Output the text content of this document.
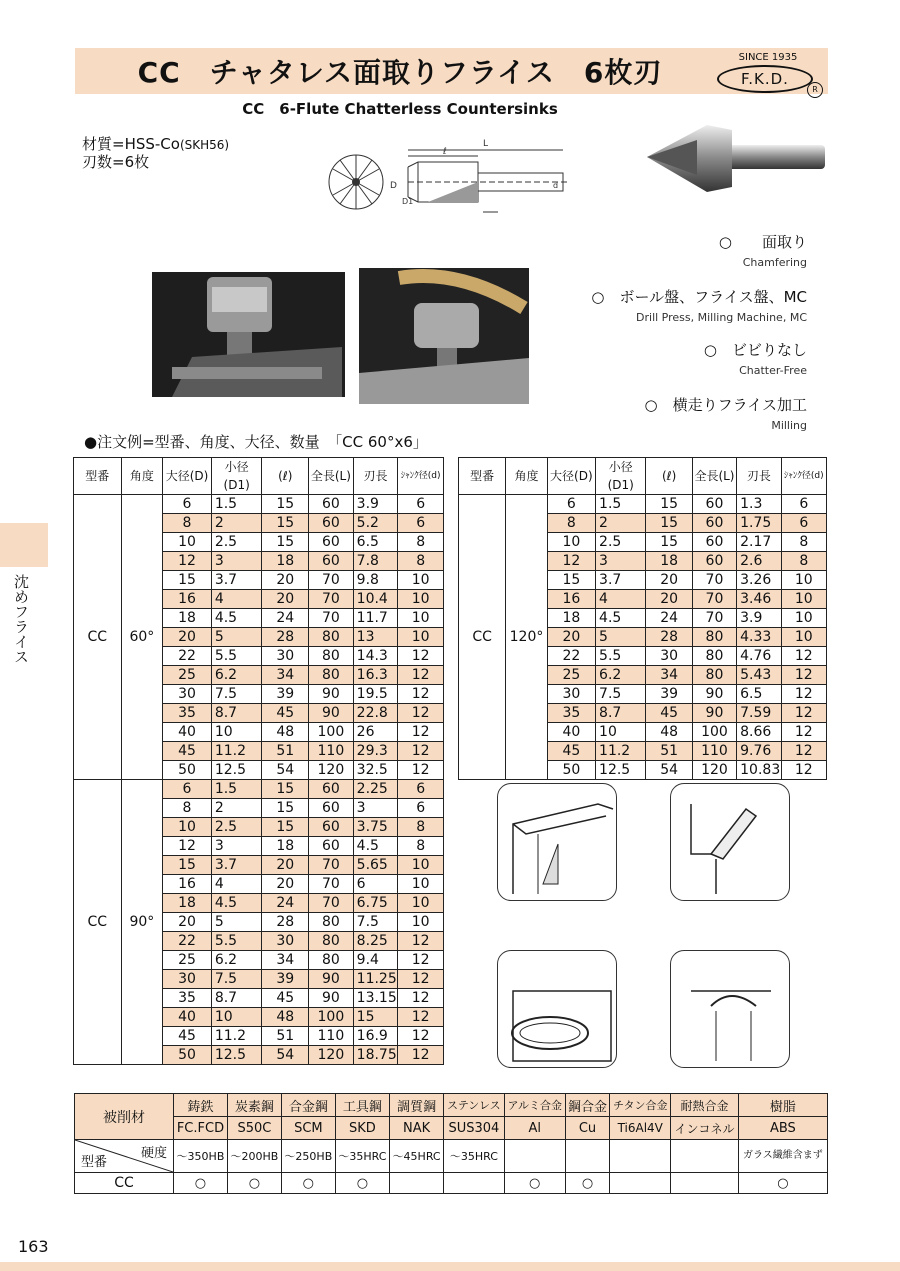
CC　チャタレス面取りフライス　6枚刃	SINCE 1935
F.K.D.
R
CC　6-Flute Chatterless Countersinks
材質=HSS-Co(SKH56)
刃数=6枚
L
ℓ
D	d
D1
○　　 面取り
Chamfering
○　 ボール盤、フライス盤、MC
Drill Press, Milling Machine, MC
○　 ビビりなし
Chatter-Free
○　 横走りフライス加工
Milling
●注文例=型番、角度、大径、数量　「CC 60°x6」
型番	角度	大径(D)	小径(D1)	(ℓ)	全長(L)	刃長	ｼｬﾝｸ径(d)
CC	60°	6	1.5	15	60	3.9	6
		8	2	15	60	5.2	6
		10	2.5	15	60	6.5	8
		12	3	18	60	7.8	8
		15	3.7	20	70	9.8	10
		16	4	20	70	10.4	10
		18	4.5	24	70	11.7	10
		20	5	28	80	13	10
		22	5.5	30	80	14.3	12
		25	6.2	34	80	16.3	12
		30	7.5	39	90	19.5	12
		35	8.7	45	90	22.8	12
		40	10	48	100	26	12
		45	11.2	51	110	29.3	12
		50	12.5	54	120	32.5	12
CC	90°	6	1.5	15	60	2.25	6
		8	2	15	60	3	6
		10	2.5	15	60	3.75	8
		12	3	18	60	4.5	8
		15	3.7	20	70	5.65	10
		16	4	20	70	6	10
		18	4.5	24	70	6.75	10
		20	5	28	80	7.5	10
		22	5.5	30	80	8.25	12
		25	6.2	34	80	9.4	12
		30	7.5	39	90	11.25	12
		35	8.7	45	90	13.15	12
		40	10	48	100	15	12
		45	11.2	51	110	16.9	12
		50	12.5	54	120	18.75	12
型番	角度	大径(D)	小径(D1)	(ℓ)	全長(L)	刃長	ｼｬﾝｸ径(d)
CC	120°	6	1.5	15	60	1.3	6
		8	2	15	60	1.75	6
		10	2.5	15	60	2.17	8
		12	3	18	60	2.6	8
		15	3.7	20	70	3.26	10
		16	4	20	70	3.46	10
		18	4.5	24	70	3.9	10
		20	5	28	80	4.33	10
		22	5.5	30	80	4.76	12
		25	6.2	34	80	5.43	12
		30	7.5	39	90	6.5	12
		35	8.7	45	90	7.59	12
		40	10	48	100	8.66	12
		45	11.2	51	110	9.76	12
		50	12.5	54	120	10.83	12
被削材	鋳鉄	炭素鋼	合金鋼	工具鋼	調質鋼	ステンレス	アルミ合金	鋼合金	チタン合金	耐熱合金	樹脂
	FC.FCD	S50C	SCM	SKD	NAK	SUS304	Al	Cu	Ti6Al4V	インコネル	ABS

硬度
型番	～350HB	～200HB	～250HB	～35HRC	～45HRC	～35HRC					ガラス繊維含まず
CC	○	○	○	○			○	○			○
沈めフライス
163
